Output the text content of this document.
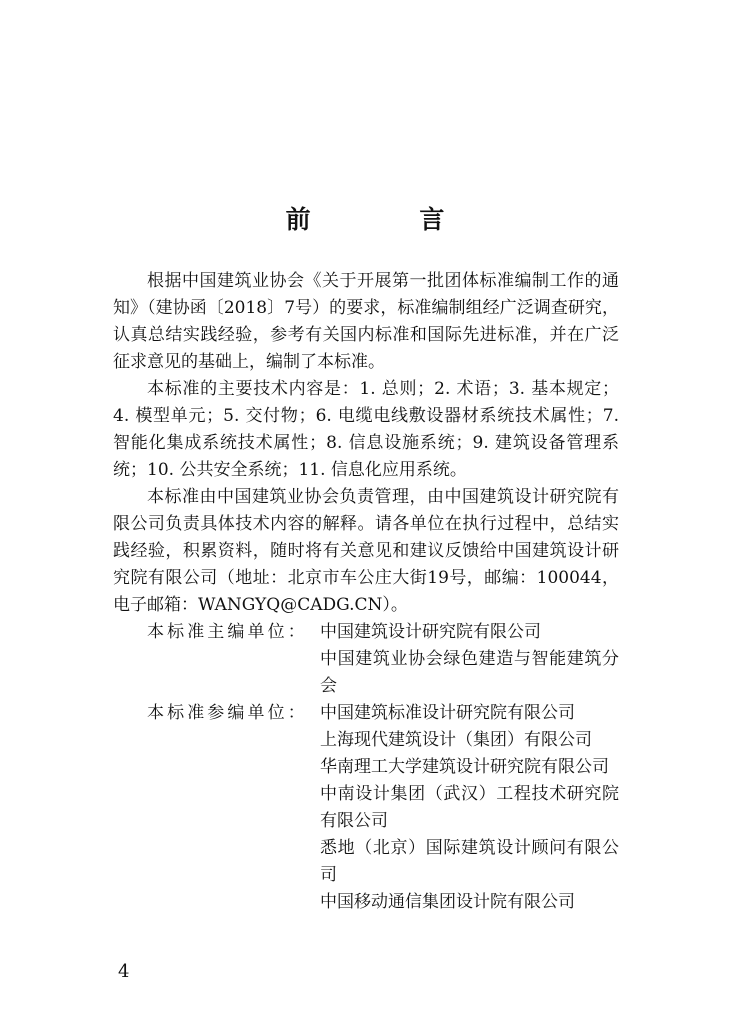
前 言

根据中国建筑业协会《关于开展第一批团体标准编制工作的通知》（建协函〔2018〕7号）的要求，标准编制组经广泛调查研究，认真总结实践经验，参考有关国内标准和国际先进标准，并在广泛征求意见的基础上，编制了本标准。

本标准的主要技术内容是：1. 总则；2. 术语；3. 基本规定；4. 模型单元；5. 交付物；6. 电缆电线敷设器材系统技术属性；7. 智能化集成系统技术属性；8. 信息设施系统；9. 建筑设备管理系统；10. 公共安全系统；11. 信息化应用系统。

本标准由中国建筑业协会负责管理，由中国建筑设计研究院有限公司负责具体技术内容的解释。请各单位在执行过程中，总结实践经验，积累资料，随时将有关意见和建议反馈给中国建筑设计研究院有限公司（地址：北京市车公庄大街19号，邮编：100044，电子邮箱：WANGYQ@CADG.CN）。

本标准主编单位： 中国建筑设计研究院有限公司
中国建筑业协会绿色建造与智能建筑分会
本标准参编单位： 中国建筑标准设计研究院有限公司
上海现代建筑设计（集团）有限公司
华南理工大学建筑设计研究院有限公司
中南设计集团（武汉）工程技术研究院有限公司
悉地（北京）国际建筑设计顾问有限公司
中国移动通信集团设计院有限公司
4
